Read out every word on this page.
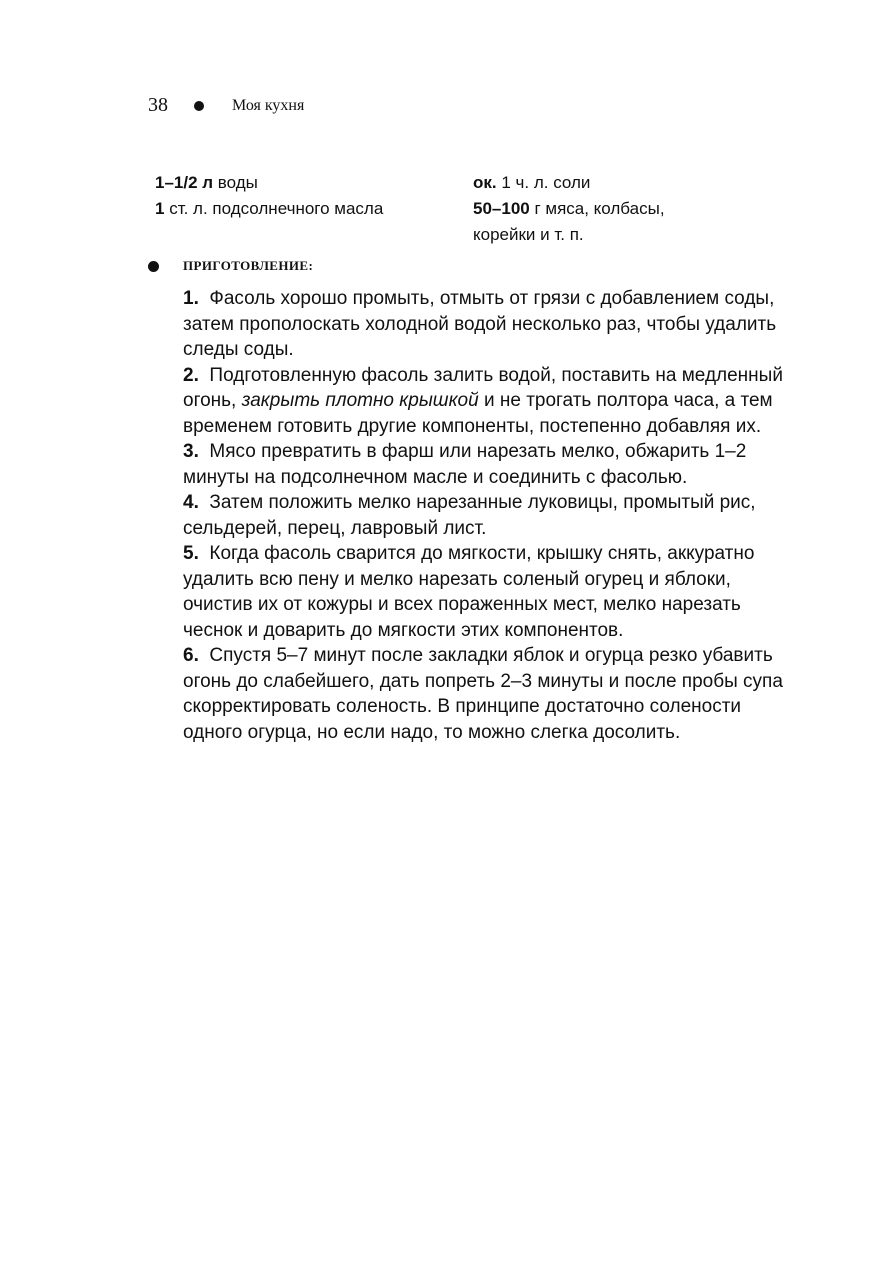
38	Моя кухня
1–1/2 л воды
1 ст. л. подсолнечного масла
ок. 1 ч. л. соли
50–100 г мяса, колбасы,
корейки и т. п.
ПРИГОТОВЛЕНИЕ:

1. Фасоль хорошо промыть, отмыть от грязи с добавлением соды, затем прополоскать холодной водой несколько раз, чтобы удалить следы соды.

2. Подготовленную фасоль залить водой, поставить на медленный огонь, закрыть плотно крышкой и не трогать полтора часа, а тем временем готовить другие компоненты, постепенно добавляя их.

3. Мясо превратить в фарш или нарезать мелко, обжарить 1–2 минуты на подсолнечном масле и соединить с фасолью.

4. Затем положить мелко нарезанные луковицы, промытый рис, сельдерей, перец, лавровый лист.

5. Когда фасоль сварится до мягкости, крышку снять, аккуратно удалить всю пену и мелко нарезать соленый огурец и яблоки, очистив их от кожуры и всех пораженных мест, мелко нарезать чеснок и доварить до мягкости этих компонентов.

6. Спустя 5–7 минут после закладки яблок и огурца резко убавить огонь до слабейшего, дать попреть 2–3 минуты и после пробы супа скорректировать соленость. В принципе достаточно солености одного огурца, но если надо, то можно слегка досолить.
